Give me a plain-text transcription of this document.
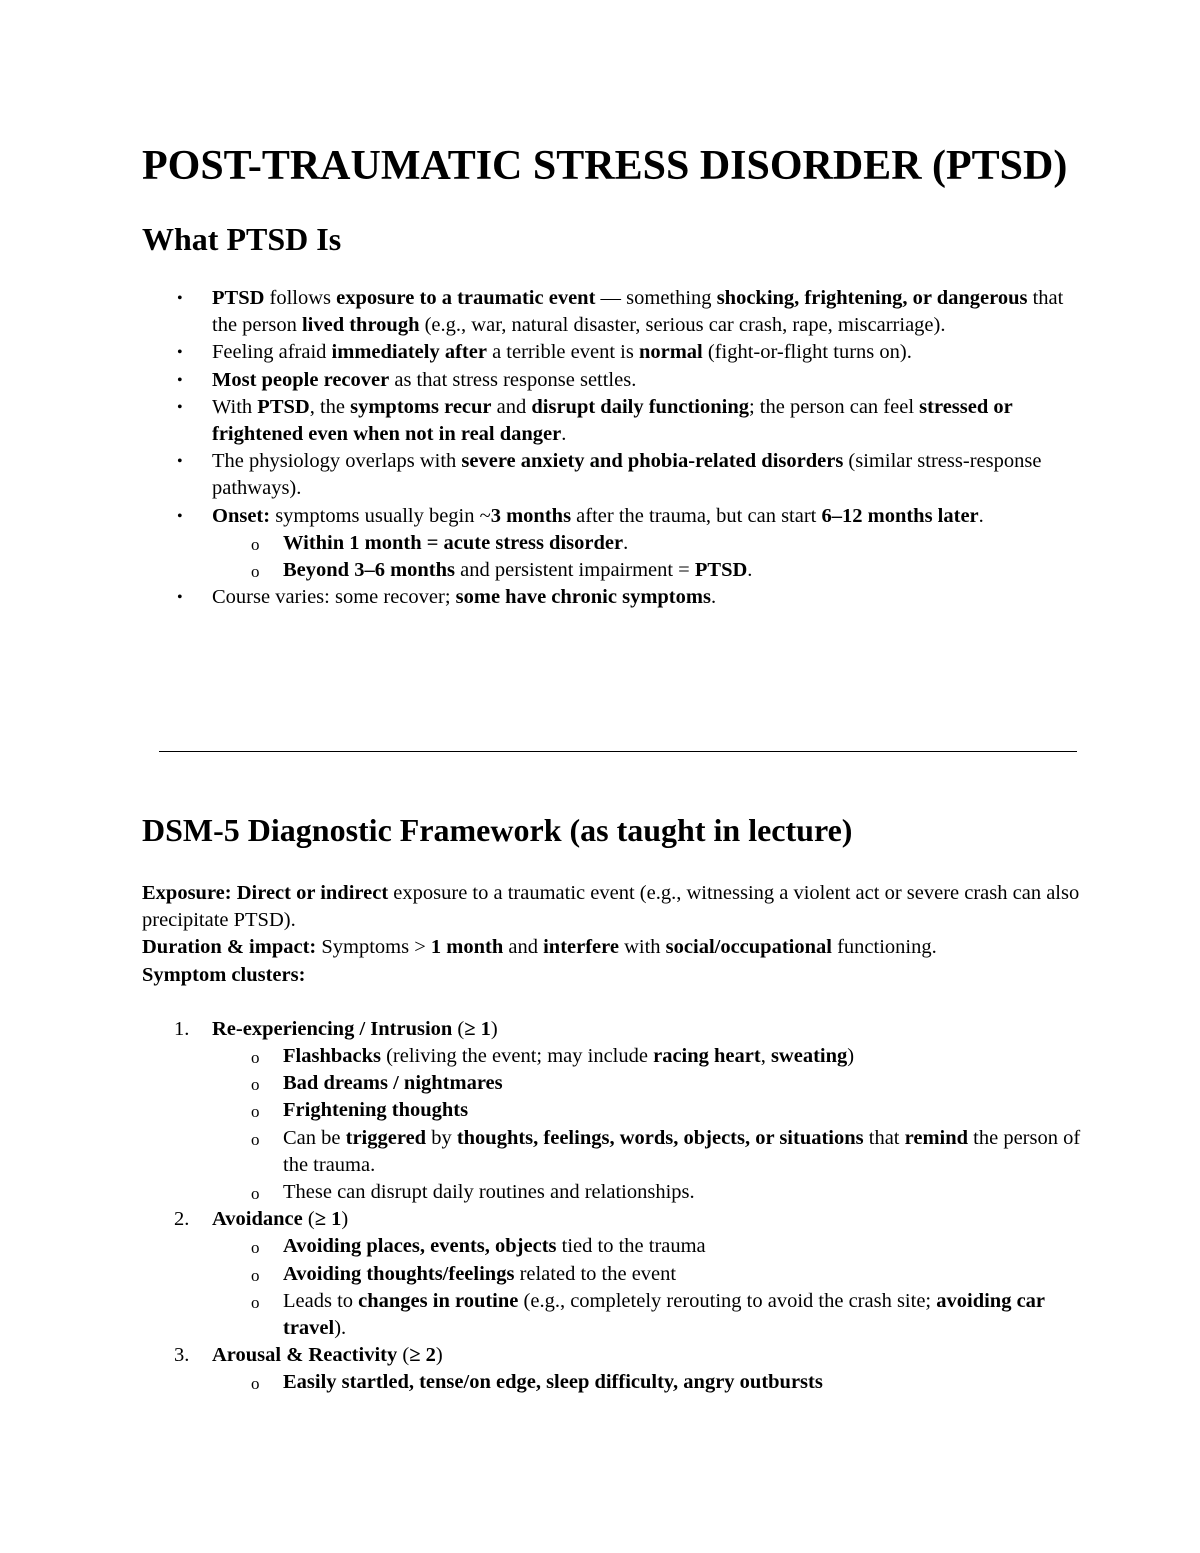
POST-TRAUMATIC STRESS DISORDER (PTSD)
What PTSD Is
• PTSD follows exposure to a traumatic event — something shocking, frightening, or dangerous that the person lived through (e.g., war, natural disaster, serious car crash, rape, miscarriage).
• Feeling afraid immediately after a terrible event is normal (fight-or-flight turns on).
• Most people recover as that stress response settles.
• With PTSD, the symptoms recur and disrupt daily functioning; the person can feel stressed or frightened even when not in real danger.
• The physiology overlaps with severe anxiety and phobia-related disorders (similar stress-response pathways).
• Onset: symptoms usually begin ~3 months after the trauma, but can start 6–12 months later.
o Within 1 month = acute stress disorder.
o Beyond 3–6 months and persistent impairment = PTSD.
• Course varies: some recover; some have chronic symptoms.
DSM-5 Diagnostic Framework (as taught in lecture)
Exposure: Direct or indirect exposure to a traumatic event (e.g., witnessing a violent act or severe crash can also precipitate PTSD).
Duration & impact: Symptoms > 1 month and interfere with social/occupational functioning.
Symptom clusters:
1. Re-experiencing / Intrusion (≥ 1)
o Flashbacks (reliving the event; may include racing heart, sweating)
o Bad dreams / nightmares
o Frightening thoughts
o Can be triggered by thoughts, feelings, words, objects, or situations that remind the person of the trauma.
o These can disrupt daily routines and relationships.
2. Avoidance (≥ 1)
o Avoiding places, events, objects tied to the trauma
o Avoiding thoughts/feelings related to the event
o Leads to changes in routine (e.g., completely rerouting to avoid the crash site; avoiding car travel).
3. Arousal & Reactivity (≥ 2)
o Easily startled, tense/on edge, sleep difficulty, angry outbursts
